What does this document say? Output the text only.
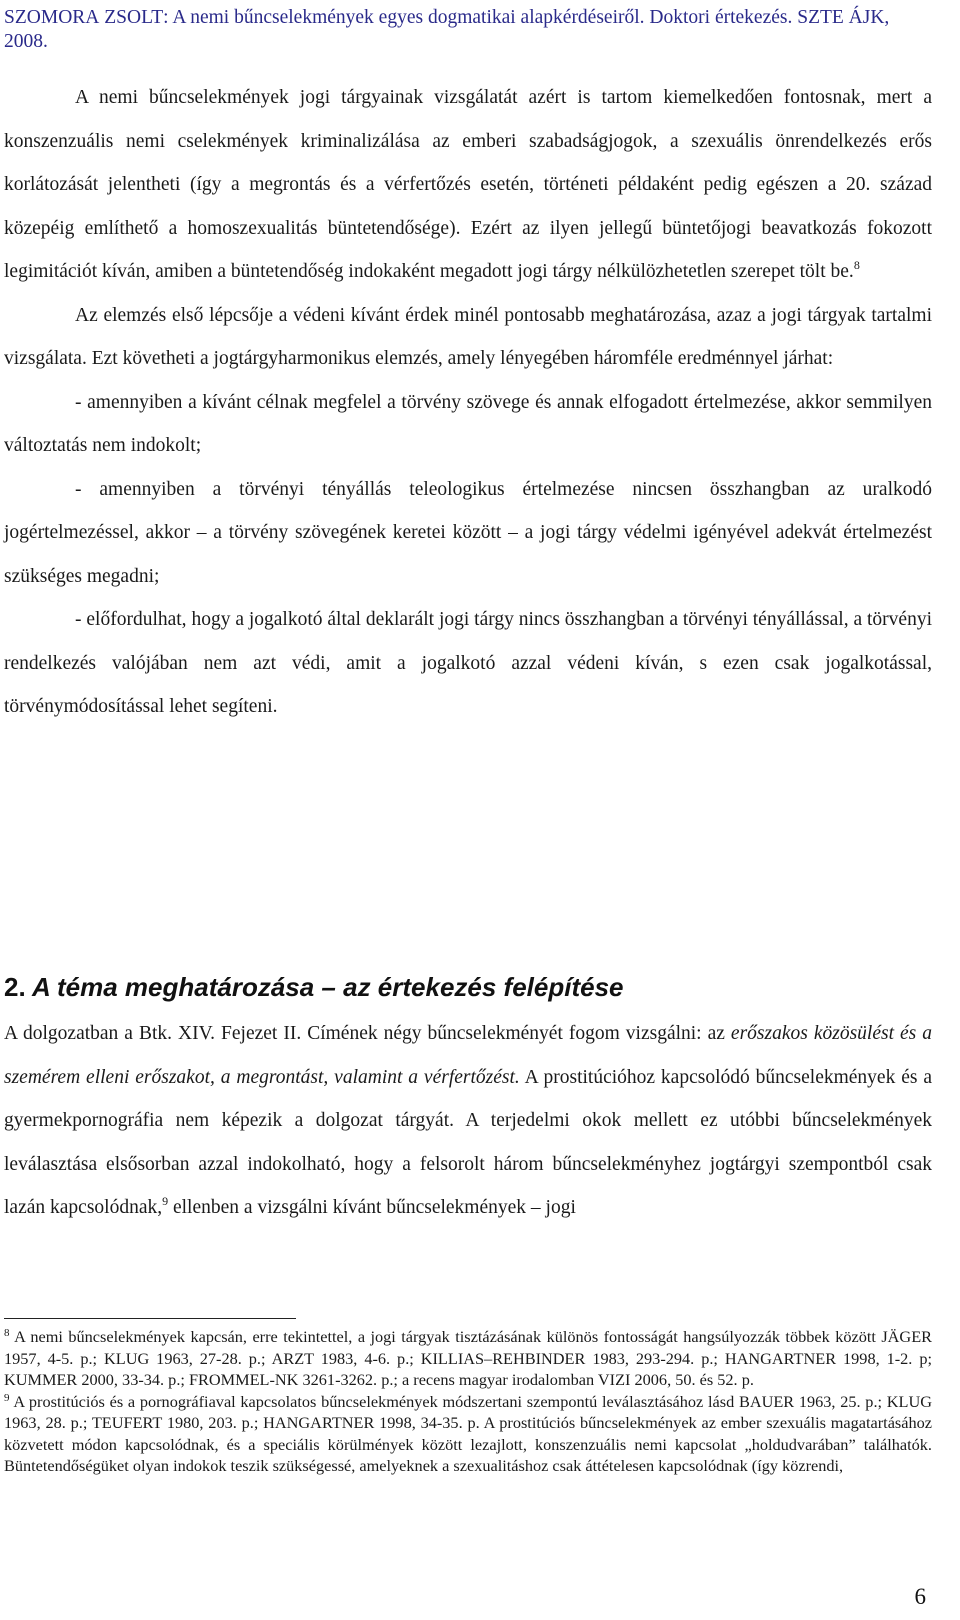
SZOMORA ZSOLT: A nemi bűncselekmények egyes dogmatikai alapkérdéseiről. Doktori értekezés. SZTE ÁJK, 2008.

A nemi bűncselekmények jogi tárgyainak vizsgálatát azért is tartom kiemelkedően fontosnak, mert a konszenzuális nemi cselekmények kriminalizálása az emberi szabadságjogok, a szexuális önrendelkezés erős korlátozását jelentheti (így a megrontás és a vérfertőzés esetén, történeti példaként pedig egészen a 20. század közepéig említhető a homoszexualitás büntetendősége). Ezért az ilyen jellegű büntetőjogi beavatkozás fokozott legimitációt kíván, amiben a büntetendőség indokaként megadott jogi tárgy nélkülözhetetlen szerepet tölt be.$^8$

Az elemzés első lépcsője a védeni kívánt érdek minél pontosabb meghatározása, azaz a jogi tárgyak tartalmi vizsgálata. Ezt követheti a jogtárgyharmonikus elemzés, amely lényegében háromféle eredménnyel járhat:

- amennyiben a kívánt célnak megfelel a törvény szövege és annak elfogadott értelmezése, akkor semmilyen változtatás nem indokolt;

- amennyiben a törvényi tényállás teleologikus értelmezése nincsen összhangban az uralkodó jogértelmezéssel, akkor – a törvény szövegének keretei között – a jogi tárgy védelmi igényével adekvát értelmezést szükséges megadni;

- előfordulhat, hogy a jogalkotó által deklarált jogi tárgy nincs összhangban a törvényi tényállással, a törvényi rendelkezés valójában nem azt védi, amit a jogalkotó azzal védeni kíván, s ezen csak jogalkotással, törvénymódosítással lehet segíteni.

2. A téma meghatározása – az értekezés felépítése

A dolgozatban a Btk. XIV. Fejezet II. Címének négy bűncselekményét fogom vizsgálni: az erőszakos közösülést és a szemérem elleni erőszakot, a megrontást, valamint a vérfertőzést. A prostitúcióhoz kapcsolódó bűncselekmények és a gyermekpornográfia nem képezik a dolgozat tárgyát. A terjedelmi okok mellett ez utóbbi bűncselekmények leválasztása elsősorban azzal indokolható, hogy a felsorolt három bűncselekményhez jogtárgyi szempontból csak lazán kapcsolódnak,$^9$ ellenben a vizsgálni kívánt bűncselekmények – jogi

$^8$ A nemi bűncselekmények kapcsán, erre tekintettel, a jogi tárgyak tisztázásának különös fontosságát hangsúlyozzák többek között JÄGER 1957, 4-5. p.; KLUG 1963, 27-28. p.; ARZT 1983, 4-6. p.; KILLIAS–REHBINDER 1983, 293-294. p.; HANGARTNER 1998, 1-2. p; KUMMER 2000, 33-34. p.; FROMMEL-NK 3261-3262. p.; a recens magyar irodalomban VIZI 2006, 50. és 52. p.

$^9$ A prostitúciós és a pornográfiaval kapcsolatos bűncselekmények módszertani szempontú leválasztásához lásd BAUER 1963, 25. p.; KLUG 1963, 28. p.; TEUFERT 1980, 203. p.; HANGARTNER 1998, 34-35. p. A prostitúciós bűncselekmények az ember szexuális magatartásához közvetett módon kapcsolódnak, és a speciális körülmények között lezajlott, konszenzuális nemi kapcsolat „holdudvarában” találhatók. Büntetendőségüket olyan indokok teszik szükségessé, amelyeknek a szexualitáshoz csak áttételesen kapcsolódnak (így közrendi,

6
